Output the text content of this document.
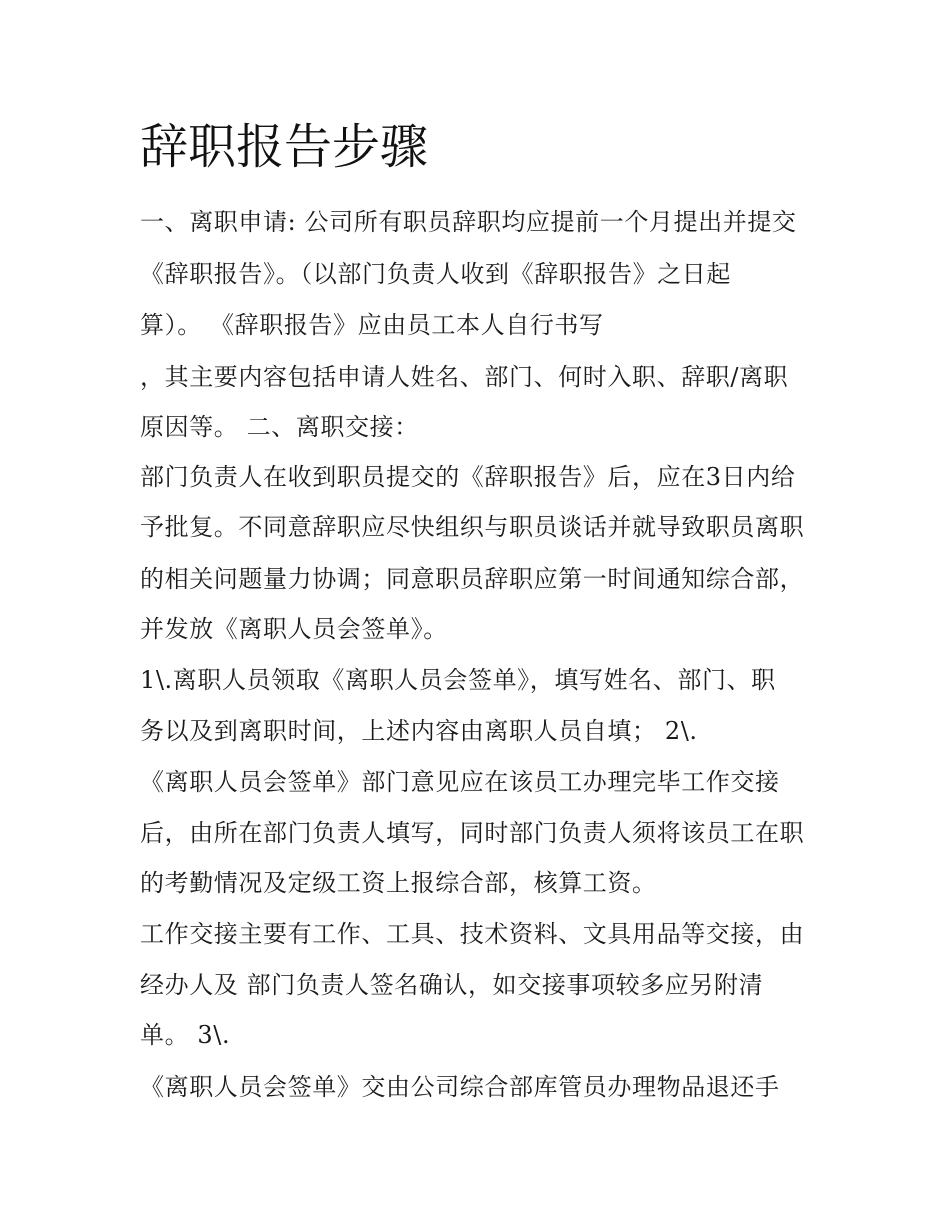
辞职报告步骤
一、离职申请: 公司所有职员辞职均应提前一个月提出并提交
《辞职报告》。（以部门负责人收到《辞职报告》之日起
算）。 《辞职报告》应由员工本人自行书写
，其主要内容包括申请人姓名、部门、何时入职、辞职/离职
原因等。 二、离职交接：
部门负责人在收到职员提交的《辞职报告》后，应在3日内给
予批复。不同意辞职应尽快组织与职员谈话并就导致职员离职
的相关问题量力协调；同意职员辞职应第一时间通知综合部，
并发放《离职人员会签单》。
1\.离职人员领取《离职人员会签单》，填写姓名、部门、职
务以及到离职时间，上述内容由离职人员自填； 2\.
《离职人员会签单》部门意见应在该员工办理完毕工作交接
后，由所在部门负责人填写，同时部门负责人须将该员工在职
的考勤情况及定级工资上报综合部，核算工资。
工作交接主要有工作、工具、技术资料、文具用品等交接，由
经办人及 部门负责人签名确认，如交接事项较多应另附清
单。 3\.
《离职人员会签单》交由公司综合部库管员办理物品退还手
